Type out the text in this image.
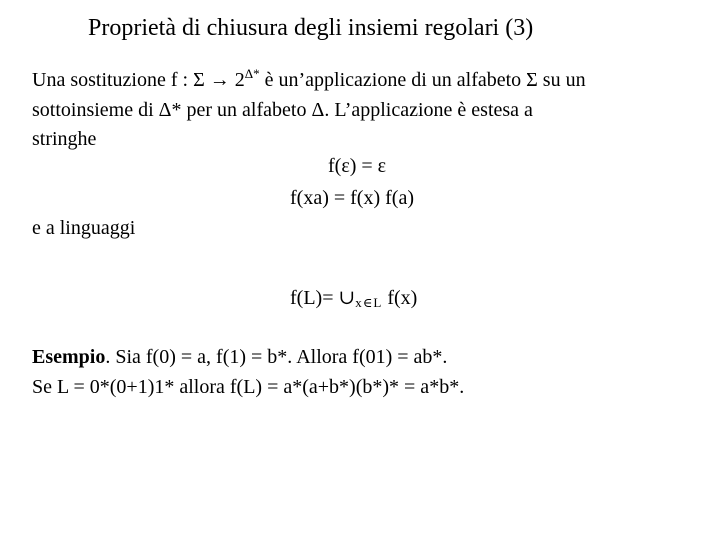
Proprietà di chiusura degli insiemi regolari (3)
Una sostituzione f : $\Sigma \to 2^{\Delta*}$ è un’applicazione di un alfabeto Σ su un
sottoinsieme di Δ* per un alfabeto Δ. L’applicazione è estesa a
stringhe
f(ε) = ε
f(xa) = f(x) f(a)
e a linguaggi
f(L)= ∪x∈L f(x)
Esempio. Sia f(0) = a, f(1) = b*. Allora f(01) = ab*.
Se L = 0*(0+1)1* allora f(L) = a*(a+b*)(b*)* = a*b*.
